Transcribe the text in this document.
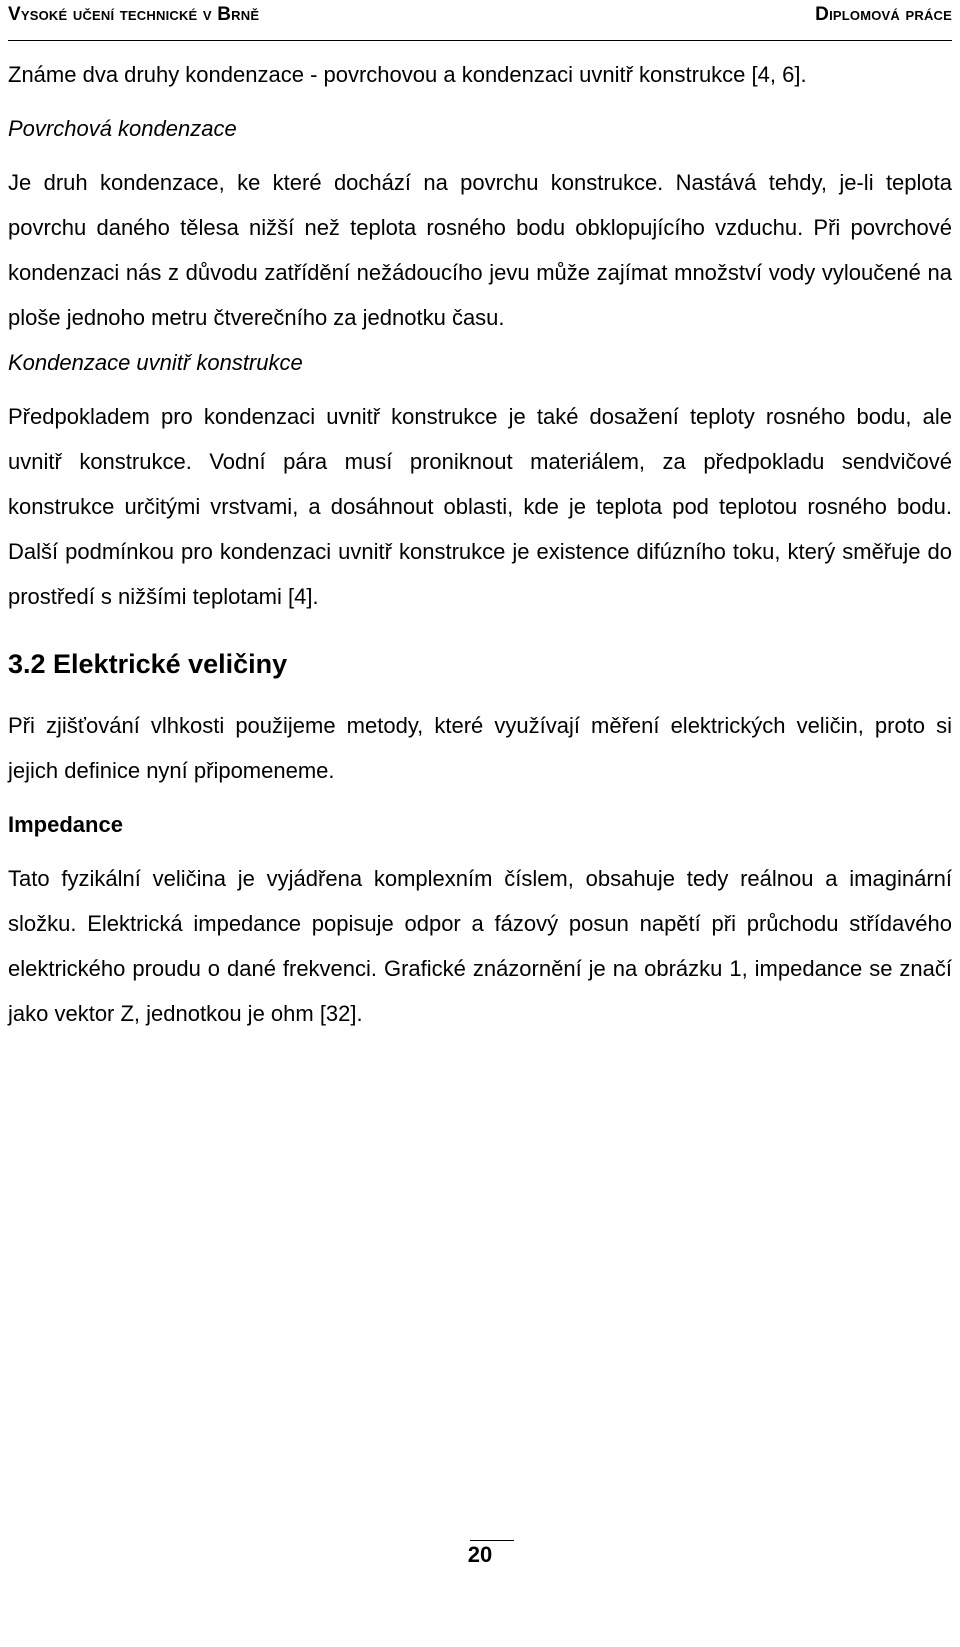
Vysoké učení technické v Brně	Diplomová práce

Známe dva druhy kondenzace - povrchovou a kondenzaci uvnitř konstrukce [4, 6].

Povrchová kondenzace

Je druh kondenzace, ke které dochází na povrchu konstrukce. Nastává tehdy, je-li teplota povrchu daného tělesa nižší než teplota rosného bodu obklopujícího vzduchu. Při povrchové kondenzaci nás z důvodu zatřídění nežádoucího jevu může zajímat množství vody vyloučené na ploše jednoho metru čtverečního za jednotku času.

Kondenzace uvnitř konstrukce

Předpokladem pro kondenzaci uvnitř konstrukce je také dosažení teploty rosného bodu, ale uvnitř konstrukce. Vodní pára musí proniknout materiálem, za předpokladu sendvičové konstrukce určitými vrstvami, a dosáhnout oblasti, kde je teplota pod teplotou rosného bodu. Další podmínkou pro kondenzaci uvnitř konstrukce je existence difúzního toku, který směřuje do prostředí s nižšími teplotami [4].

3.2 Elektrické veličiny

Při zjišťování vlhkosti použijeme metody, které využívají měření elektrických veličin, proto si jejich definice nyní připomeneme.

Impedance

Tato fyzikální veličina je vyjádřena komplexním číslem, obsahuje tedy reálnou a imaginární složku. Elektrická impedance popisuje odpor a fázový posun napětí při průchodu střídavého elektrického proudu o dané frekvenci. Grafické znázornění je na obrázku 1, impedance se značí jako vektor Z, jednotkou je ohm [32].

20
